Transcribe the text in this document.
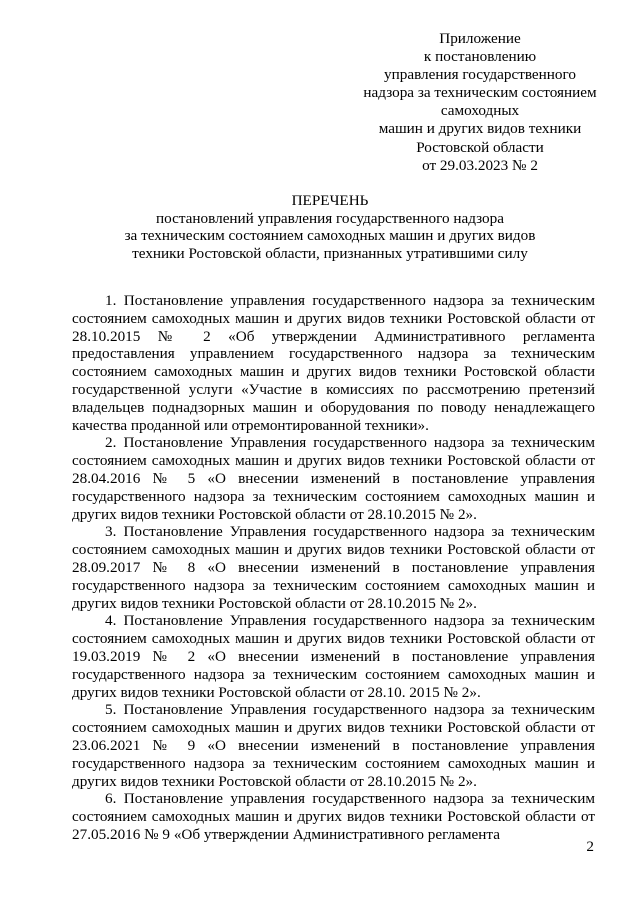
Приложение
к постановлению
управления государственного
надзора за техническим состоянием
самоходных
машин и других видов техники
Ростовской области
от 29.03.2023 № 2
ПЕРЕЧЕНЬ
постановлений управления государственного надзора
за техническим состоянием самоходных машин и других видов
техники Ростовской области, признанных утратившими силу

1. Постановление управления государственного надзора за техническим состоянием самоходных машин и других видов техники Ростовской области от 28.10.2015 № 2 «Об утверждении Административного регламента предоставления управлением государственного надзора за техническим состоянием самоходных машин и других видов техники Ростовской области государственной услуги «Участие в комиссиях по рассмотрению претензий владельцев поднадзорных машин и оборудования по поводу ненадлежащего качества проданной или отремонтированной техники».

2. Постановление Управления государственного надзора за техническим состоянием самоходных машин и других видов техники Ростовской области от 28.04.2016 № 5 «О внесении изменений в постановление управления государственного надзора за техническим состоянием самоходных машин и других видов техники Ростовской области от 28.10.2015 № 2».

3. Постановление Управления государственного надзора за техническим состоянием самоходных машин и других видов техники Ростовской области от 28.09.2017 № 8 «О внесении изменений в постановление управления государственного надзора за техническим состоянием самоходных машин и других видов техники Ростовской области от 28.10.2015 № 2».

4. Постановление Управления государственного надзора за техническим состоянием самоходных машин и других видов техники Ростовской области от 19.03.2019 № 2 «О внесении изменений в постановление управления государственного надзора за техническим состоянием самоходных машин и других видов техники Ростовской области от 28.10. 2015 № 2».

5. Постановление Управления государственного надзора за техническим состоянием самоходных машин и других видов техники Ростовской области от 23.06.2021 № 9 «О внесении изменений в постановление управления государственного надзора за техническим состоянием самоходных машин и других видов техники Ростовской области от 28.10.2015 № 2».

6. Постановление управления государственного надзора за техническим состоянием самоходных машин и других видов техники Ростовской области от 27.05.2016 № 9 «Об утверждении Административного регламента

2
